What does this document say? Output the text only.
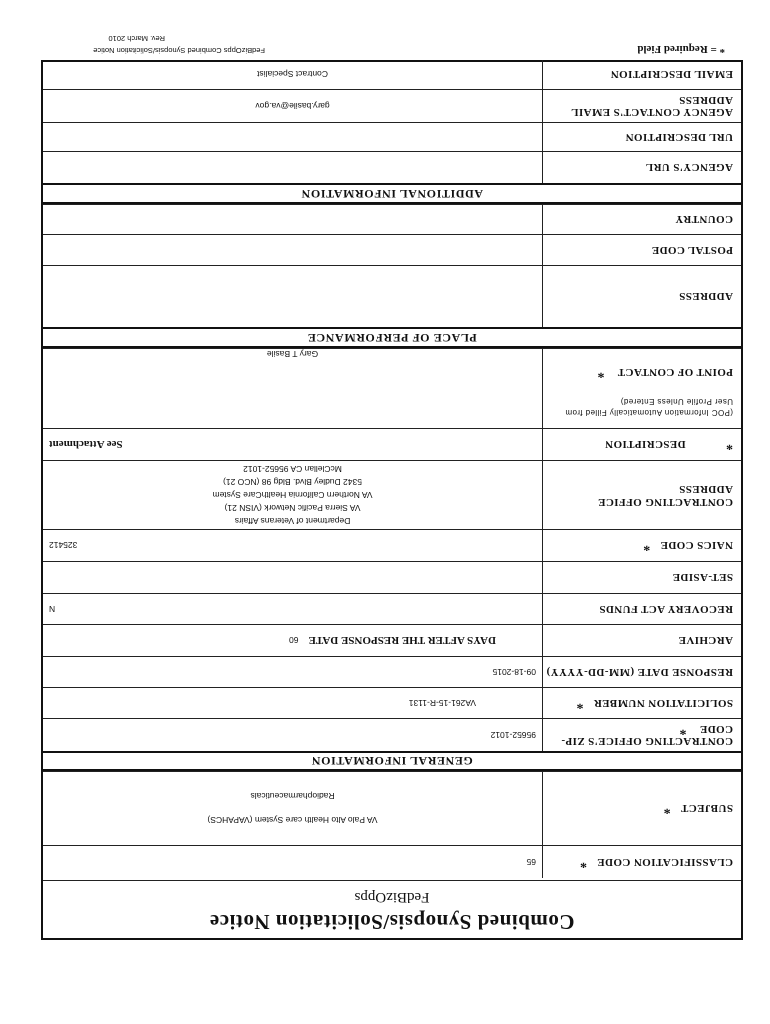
Combined Synopsis/Solicitation Notice
FedBizOpps
CLASSIFICATION CODE
*
65
SUBJECT
*
VA Palo Alto Health care System (VAPAHCS)
Radiopharmaceuticals
GENERAL INFORMATION
CONTRACTING OFFICE'S ZIP-CODE *
95652-1012
SOLICITATION NUMBER
*
VA261-15-R-1131
RESPONSE DATE (MM-DD-YYYY)
09-18-2015
ARCHIVE
DAYS AFTER THE RESPONSE DATE
60
RECOVERY ACT FUNDS
N
SET-ASIDE
NAICS CODE
*
325412
CONTRACTING OFFICE ADDRESS
Department of Veterans Affairs
VA Sierra Pacific Network (VISN 21)
VA Northern California HealthCare System
5342 Dudley Blvd. Bldg 98 (NCO 21)
McClellan CA 95652-1012
*
DESCRIPTION
See Attachment
(POC Information Automatically Filled from User Profile Unless Entered)
POINT OF CONTACT *
Gary T Basile
PLACE OF PERFORMANCE
ADDRESS
POSTAL CODE
COUNTRY
ADDITIONAL INFORMATION
AGENCY'S URL
URL DESCRIPTION
AGENCY CONTACT'S EMAIL ADDRESS
gary.basile@va.gov
EMAIL DESCRIPTION
Contract Specialist
* = Required Field
FedBizOpps Combined Synopsis/Solicitation Notice
Rev. March 2010
